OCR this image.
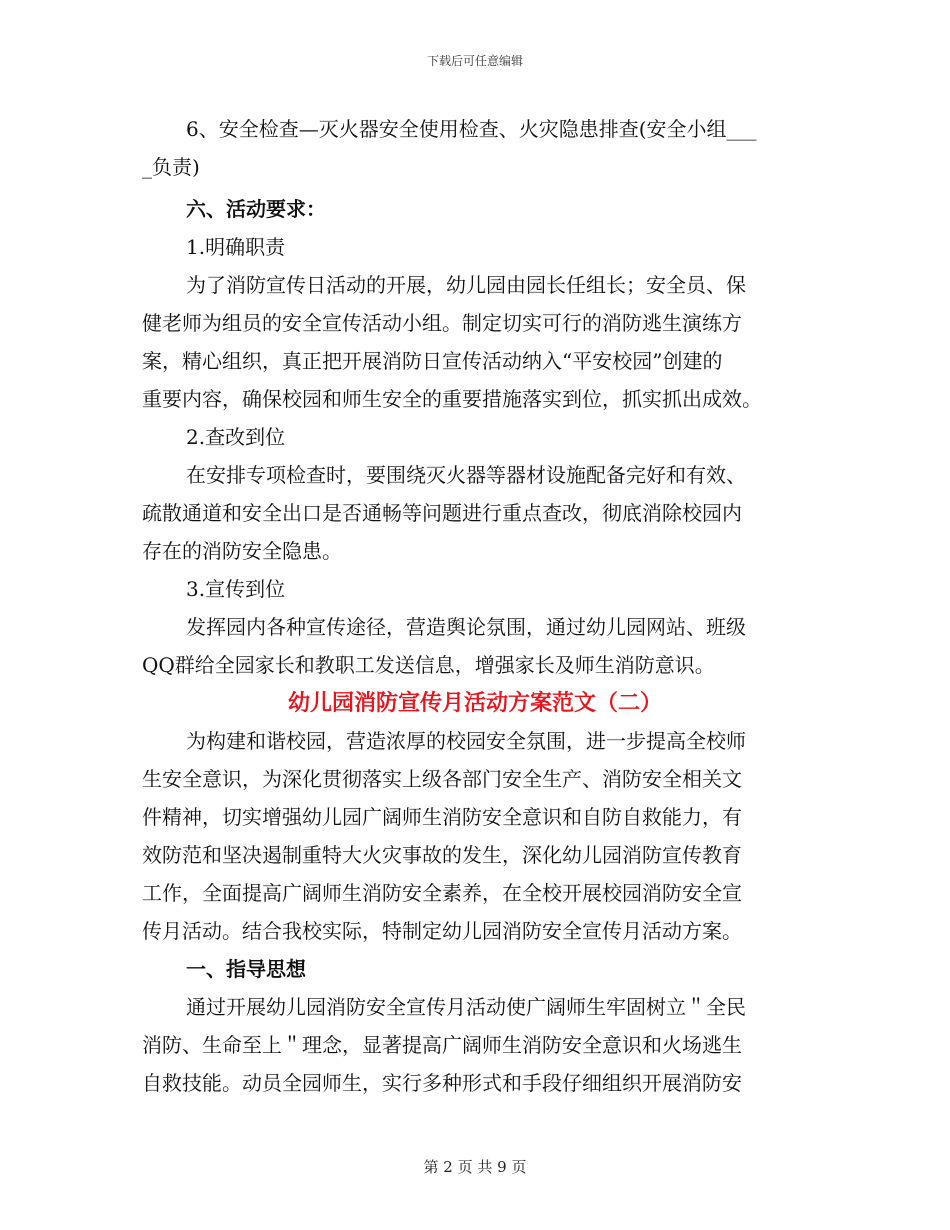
下载后可任意编辑
6、安全检查—灭火器安全使用检查、火灾隐患排查(安全小组___
_负责)
六、活动要求：
1.明确职责
为了消防宣传日活动的开展，幼儿园由园长任组长；安全员、保
健老师为组员的安全宣传活动小组。制定切实可行的消防逃生演练方
案，精心组织，真正把开展消防日宣传活动纳入“平安校园”创建的
重要内容，确保校园和师生安全的重要措施落实到位，抓实抓出成效。
2.查改到位
在安排专项检查时，要围绕灭火器等器材设施配备完好和有效、
疏散通道和安全出口是否通畅等问题进行重点查改，彻底消除校园内
存在的消防安全隐患。
3.宣传到位
发挥园内各种宣传途径，营造舆论氛围，通过幼儿园网站、班级
QQ群给全园家长和教职工发送信息，增强家长及师生消防意识。
幼儿园消防宣传月活动方案范文（二）
为构建和谐校园，营造浓厚的校园安全氛围，进一步提高全校师
生安全意识，为深化贯彻落实上级各部门安全生产、消防安全相关文
件精神，切实增强幼儿园广阔师生消防安全意识和自防自救能力，有
效防范和坚决遏制重特大火灾事故的发生，深化幼儿园消防宣传教育
工作，全面提高广阔师生消防安全素养，在全校开展校园消防安全宣
传月活动。结合我校实际，特制定幼儿园消防安全宣传月活动方案。
一、指导思想
通过开展幼儿园消防安全宣传月活动使广阔师生牢固树立＂全民
消防、生命至上＂理念，显著提高广阔师生消防安全意识和火场逃生
自救技能。动员全园师生，实行多种形式和手段仔细组织开展消防安
第 2 页 共 9 页
